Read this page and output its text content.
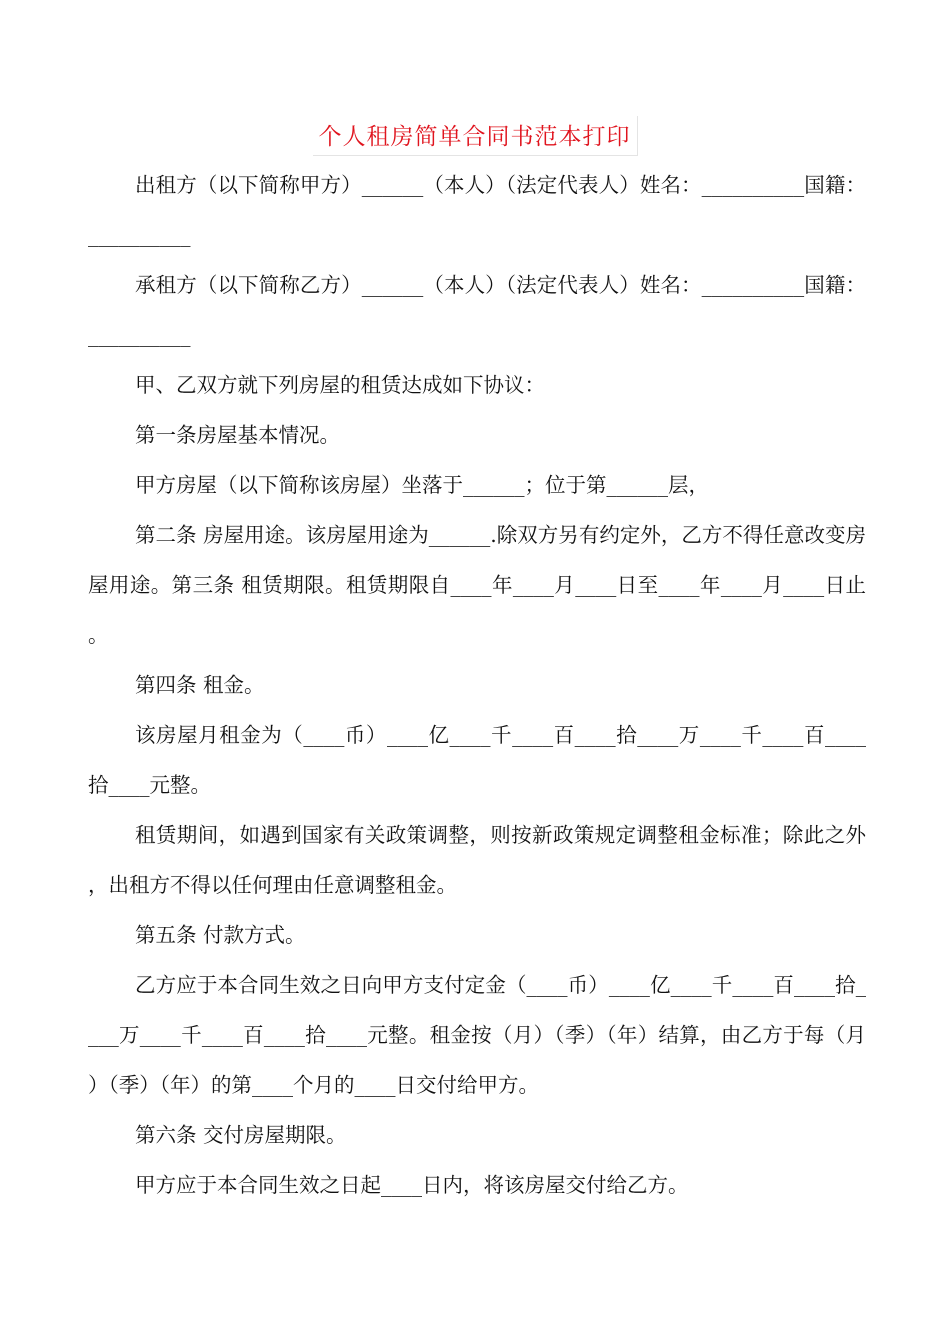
个人租房简单合同书范本打印

出租方（以下简称甲方）______（本人）（法定代表人）姓名：__________国籍：__________

承租方（以下简称乙方）______（本人）（法定代表人）姓名：__________国籍：__________

甲、乙双方就下列房屋的租赁达成如下协议：

第一条房屋基本情况。

甲方房屋（以下简称该房屋）坐落于______；位于第______层，

第二条 房屋用途。该房屋用途为______.除双方另有约定外，乙方不得任意改变房屋用途。第三条 租赁期限。租赁期限自____年____月____日至____年____月____日止。

第四条 租金。

该房屋月租金为（____币）____亿____千____百____拾____万____千____百____拾____元整。

租赁期间，如遇到国家有关政策调整，则按新政策规定调整租金标准；除此之外，出租方不得以任何理由任意调整租金。

第五条 付款方式。

乙方应于本合同生效之日向甲方支付定金（____币）____亿____千____百____拾____万____千____百____拾____元整。租金按（月）（季）（年）结算，由乙方于每（月）（季）（年）的第____个月的____日交付给甲方。

第六条 交付房屋期限。

甲方应于本合同生效之日起____日内，将该房屋交付给乙方。
